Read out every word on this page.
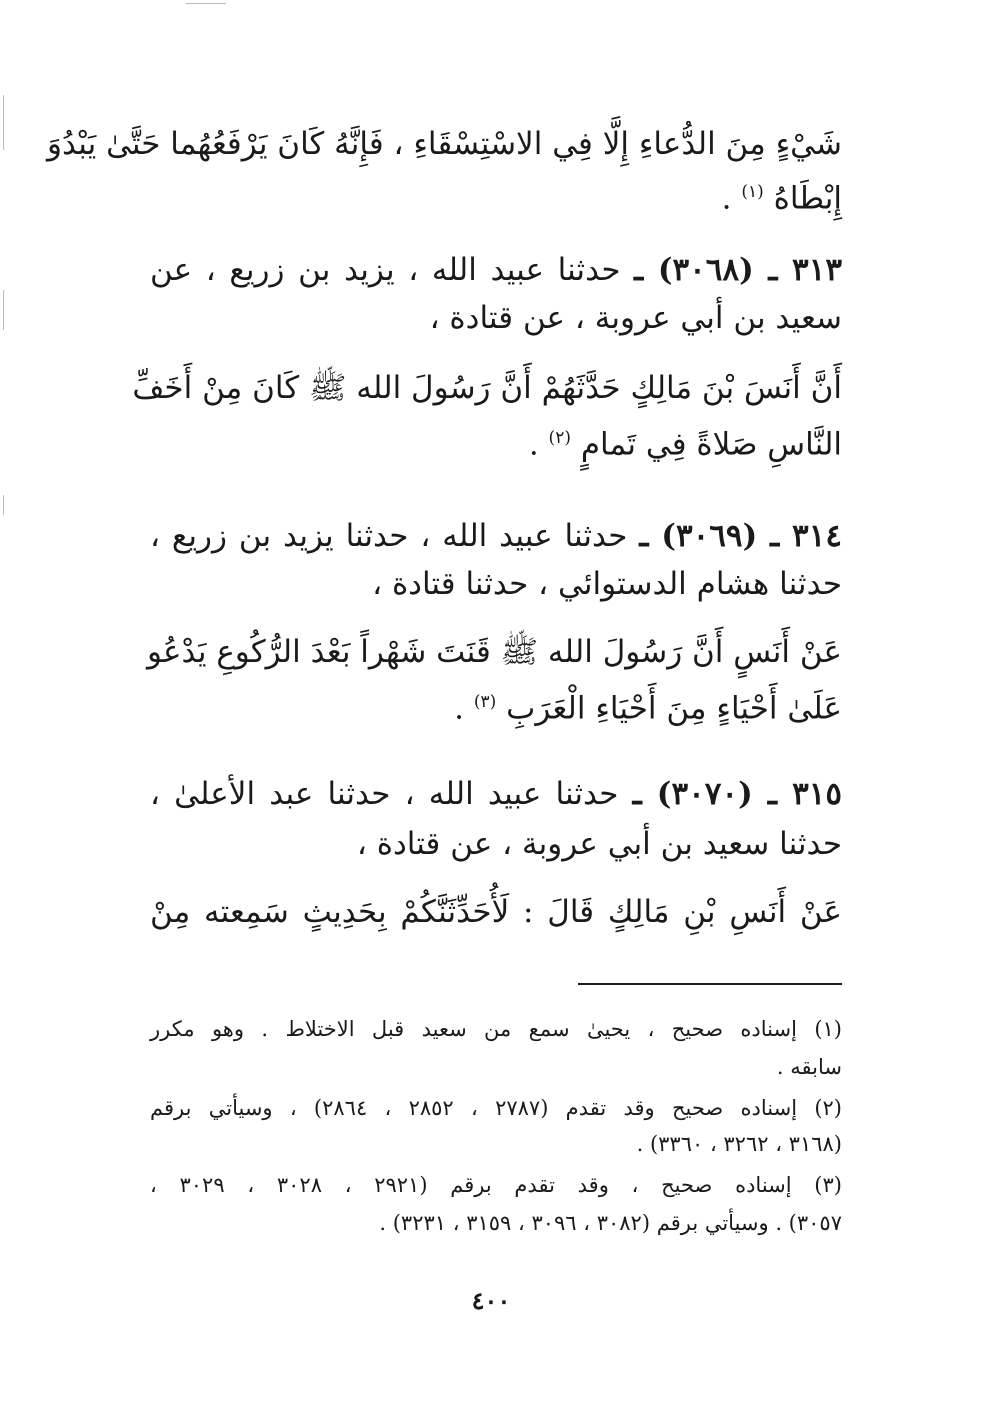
شَيْءٍ مِنَ الدُّعاءِ إِلَّا فِي الاسْتِسْقَاءِ ، فَإِنَّهُ كَانَ يَرْفَعُهُما حَتَّىٰ يَبْدُوَ
إِبْطَاهُ $^{(١)}$ .
٣١٣ ـ (٣٠٦٨) ـ حدثنا عبيد الله ، يزيد بن زريع ، عن
سعيد بن أبي عروبة ، عن قتادة ،
أَنَّ أَنَسَ بْنَ مَالِكٍ حَدَّثَهُمْ أَنَّ رَسُولَ الله ﷺ كَانَ مِنْ أَخَفِّ
النَّاسِ صَلاةً فِي تَمامٍ $^{(٢)}$ .
٣١٤ ـ (٣٠٦٩) ـ حدثنا عبيد الله ، حدثنا يزيد بن زريع ،
حدثنا هشام الدستوائي ، حدثنا قتادة ،
عَنْ أَنَسٍ أَنَّ رَسُولَ الله ﷺ قَنَتَ شَهْراً بَعْدَ الرُّكُوعِ يَدْعُو
عَلَىٰ أَحْيَاءٍ مِنَ أَحْيَاءِ الْعَرَبِ $^{(٣)}$ .
٣١٥ ـ (٣٠٧٠) ـ حدثنا عبيد الله ، حدثنا عبد الأعلىٰ ،
حدثنا سعيد بن أبي عروبة ، عن قتادة ،
عَنْ أَنَسِ بْنِ مَالِكٍ قَالَ : لَأُحَدِّثَنَّكُمْ بِحَدِيثٍ سَمِعته مِنْ
(١) إسناده صحيح ، يحيىٰ سمع من سعيد قبل الاختلاط . وهو مكرر
سابقه .
(٢) إسناده صحيح وقد تقدم (٢٧٨٧ ، ٢٨٥٢ ، ٢٨٦٤) ، وسيأتي برقم
(٣١٦٨ ، ٣٢٦٢ ، ٣٣٦٠) .
(٣) إسناده صحيح ، وقد تقدم برقم (٢٩٢١ ، ٣٠٢٨ ، ٣٠٢٩ ،
٣٠٥٧) . وسيأتي برقم (٣٠٨٢ ، ٣٠٩٦ ، ٣١٥٩ ، ٣٢٣١) .
٤٠٠
